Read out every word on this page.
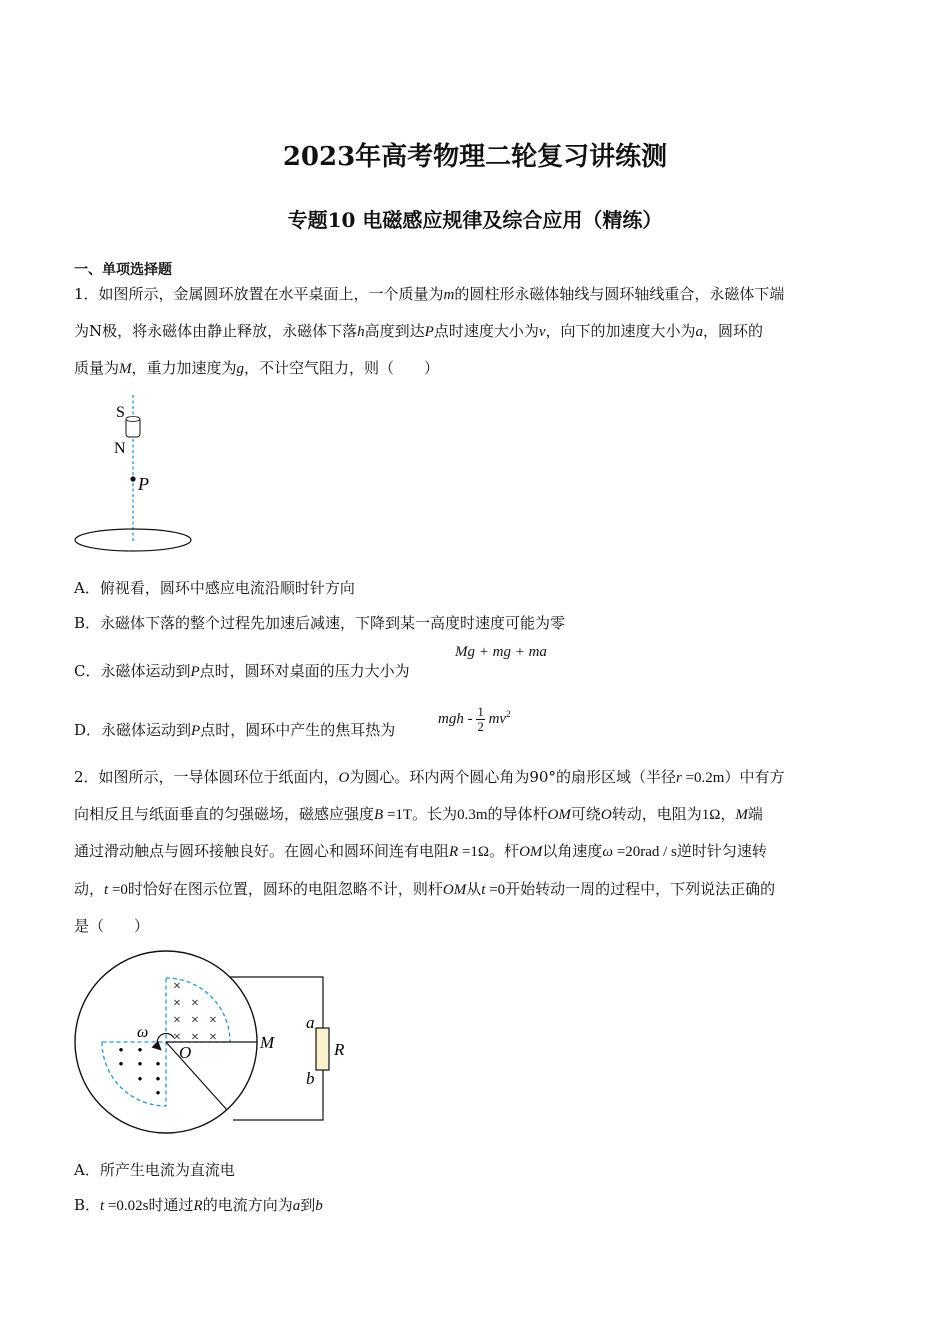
2023年高考物理二轮复习讲练测
专题10 电磁感应规律及综合应用（精练）
一、单项选择题
1．如图所示，金属圆环放置在水平桌面上，一个质量为m的圆柱形永磁体轴线与圆环轴线重合，永磁体下端
为N极，将永磁体由静止释放，永磁体下落h高度到达P点时速度大小为v，向下的加速度大小为a，圆环的
质量为M，重力加速度为g，不计空气阻力，则（　　）
S
N
P
A．俯视看，圆环中感应电流沿顺时针方向
B．永磁体下落的整个过程先加速后减速，下降到某一高度时速度可能为零
C．永磁体运动到P点时，圆环对桌面的压力大小为
Mg + mg + ma
D．永磁体运动到P点时，圆环中产生的焦耳热为
mgh - $\frac{1}{2} mv^2$
2．如图所示，一导体圆环位于纸面内，O为圆心。环内两个圆心角为90°的扇形区域（半径r =0.2m）中有方
向相反且与纸面垂直的匀强磁场，磁感应强度B =1T。长为0.3m的导体杆OM可绕O转动，电阻为1Ω，M端
通过滑动触点与圆环接触良好。在圆心和圆环间连有电阻R =1Ω。杆OM以角速度ω =20rad / s逆时针匀速转
动，t =0时恰好在图示位置，圆环的电阻忽略不计，则杆OM从t =0开始转动一周的过程中，下列说法正确的
是（　　）
×
× ×
× × ×
× × ×
• •
• • •
• •
•
ω
O
M
a
b
R
A．所产生电流为直流电
B．t =0.02s时通过R的电流方向为a到b
